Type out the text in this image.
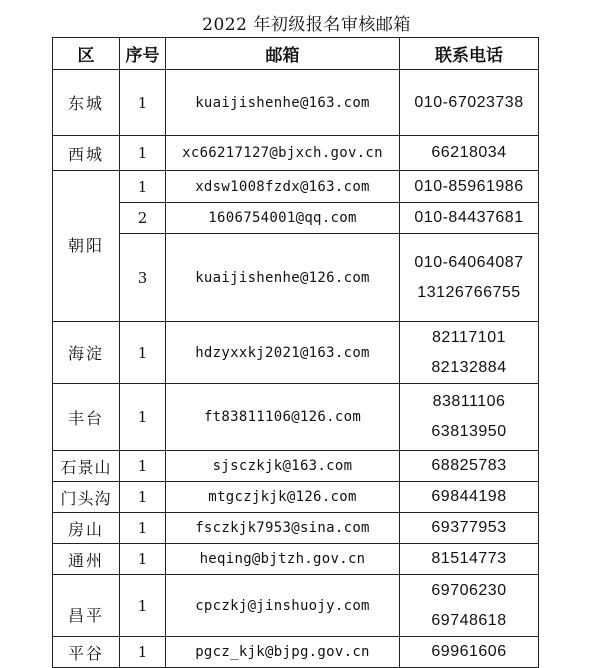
2022 年初级报名审核邮箱
区	序号	邮箱	联系电话
东城	1	kuaijishenhe@163.com	010-67023738

西城	1	xc66217127@bjxch.gov.cn	66218034

朝阳	1	xdsw1008fzdx@163.com	010-85961986

	2	1606754001@qq.com	010-84437681

	3	kuaijishenhe@126.com	010-64064087
13126766755

海淀	1	hdzyxxkj2021@163.com	82117101
82132884

丰台	1	ft83811106@126.com	83811106
63813950

石景山	1	sjsczkjk@163.com	68825783

门头沟	1	mtgczjkjk@126.com	69844198

房山	1	fsczkjk7953@sina.com	69377953

通州	1	heqing@bjtzh.gov.cn	81514773

昌平	1	cpczkj@jinshuojy.com	69706230
69748618

平谷	1	pgcz_kjk@bjpg.gov.cn	69961606
